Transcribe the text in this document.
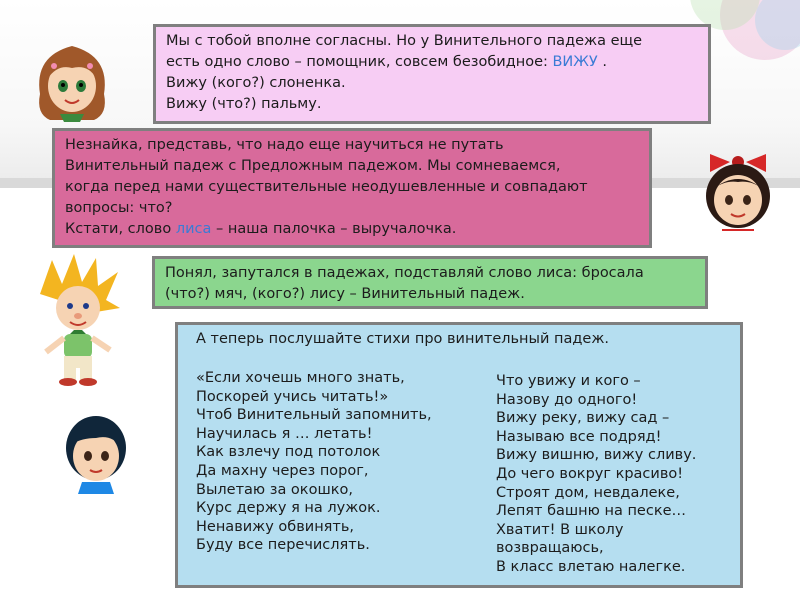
Мы с тобой вполне согласны. Но у Винительного падежа еще
есть одно слово – помощник, совсем безобидное: ВИЖУ .
Вижу (кого?) слоненка.
Вижу (что?) пальму.
Незнайка, представь, что надо еще научиться не путать
Винительный падеж с Предложным падежом. Мы сомневаемся,
когда перед нами существительные неодушевленные и совпадают
вопросы: что?
Кстати, слово лиса – наша палочка – выручалочка.
Понял, запутался в падежах, подставляй слово лиса: бросала
(что?) мяч, (кого?) лису – Винительный падеж.
А теперь послушайте стихи про винительный падеж.
«Если хочешь много знать,
Поскорей учись читать!»
Чтоб Винительный запомнить,
Научилась я … летать!
Как взлечу под потолок
Да махну через порог,
Вылетаю за окошко,
Курс держу я на лужок.
Ненавижу обвинять,
Буду все перечислять.
Что увижу и кого –
Назову до одного!
Вижу реку, вижу сад –
Называю все подряд!
Вижу вишню, вижу сливу.
До чего вокруг красиво!
Строят дом, невдалеке,
Лепят башню на песке…
Хватит! В школу
возвращаюсь,
В класс влетаю налегке.
